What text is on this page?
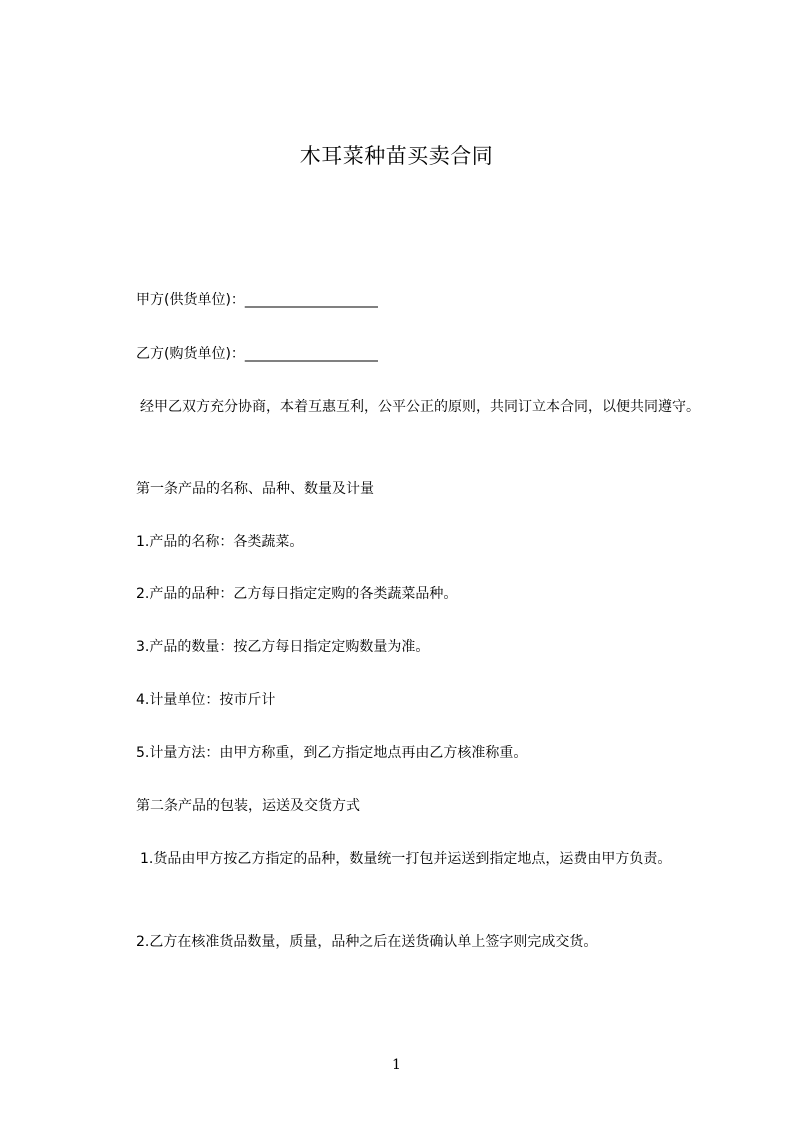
木耳菜种苗买卖合同
甲方(供货单位)：___________________
乙方(购货单位)：___________________
经甲乙双方充分协商，本着互惠互利，公平公正的原则，共同订立本合同，以便共同遵守。
第一条产品的名称、品种、数量及计量
1.产品的名称：各类蔬菜。
2.产品的品种：乙方每日指定定购的各类蔬菜品种。
3.产品的数量：按乙方每日指定定购数量为准。
4.计量单位：按市斤计
5.计量方法：由甲方称重，到乙方指定地点再由乙方核准称重。
第二条产品的包装，运送及交货方式
1.货品由甲方按乙方指定的品种，数量统一打包并运送到指定地点，运费由甲方负责。
2.乙方在核准货品数量，质量，品种之后在送货确认单上签字则完成交货。
1
